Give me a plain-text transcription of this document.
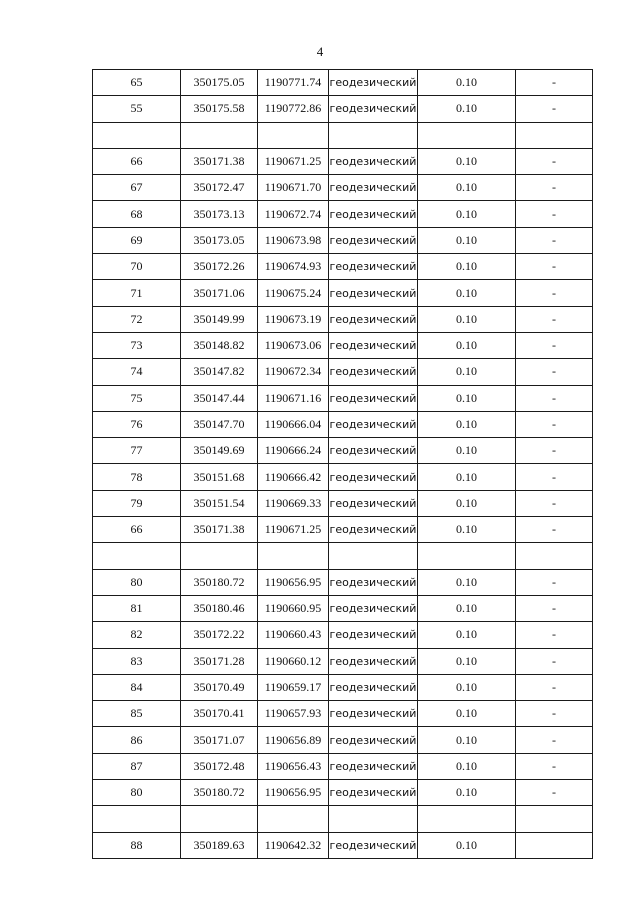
4
65	350175.05	1190771.74	геодезический	0.10	-
55	350175.58	1190772.86	геодезический	0.10	-

66	350171.38	1190671.25	геодезический	0.10	-
67	350172.47	1190671.70	геодезический	0.10	-
68	350173.13	1190672.74	геодезический	0.10	-
69	350173.05	1190673.98	геодезический	0.10	-
70	350172.26	1190674.93	геодезический	0.10	-
71	350171.06	1190675.24	геодезический	0.10	-
72	350149.99	1190673.19	геодезический	0.10	-
73	350148.82	1190673.06	геодезический	0.10	-
74	350147.82	1190672.34	геодезический	0.10	-
75	350147.44	1190671.16	геодезический	0.10	-
76	350147.70	1190666.04	геодезический	0.10	-
77	350149.69	1190666.24	геодезический	0.10	-
78	350151.68	1190666.42	геодезический	0.10	-
79	350151.54	1190669.33	геодезический	0.10	-
66	350171.38	1190671.25	геодезический	0.10	-

80	350180.72	1190656.95	геодезический	0.10	-
81	350180.46	1190660.95	геодезический	0.10	-
82	350172.22	1190660.43	геодезический	0.10	-
83	350171.28	1190660.12	геодезический	0.10	-
84	350170.49	1190659.17	геодезический	0.10	-
85	350170.41	1190657.93	геодезический	0.10	-
86	350171.07	1190656.89	геодезический	0.10	-
87	350172.48	1190656.43	геодезический	0.10	-
80	350180.72	1190656.95	геодезический	0.10	-

88	350189.63	1190642.32	геодезический	0.10	
